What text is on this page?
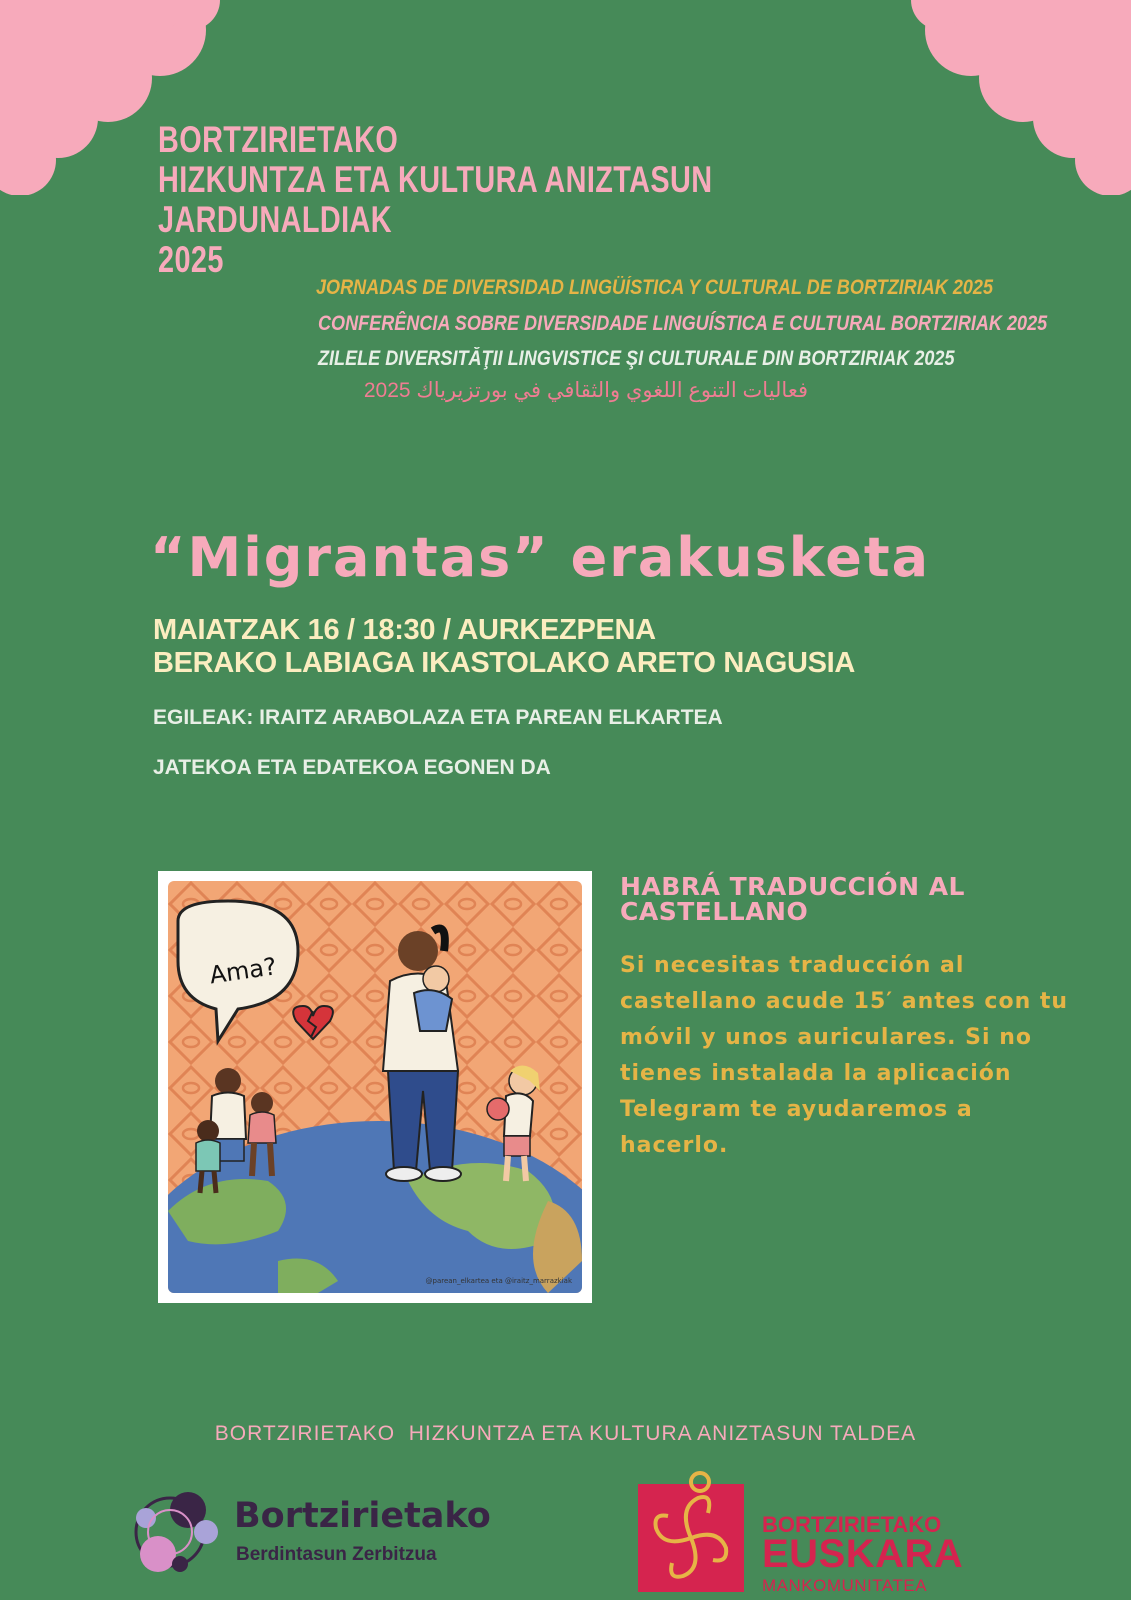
BORTZIRIETAKO
HIZKUNTZA ETA KULTURA ANIZTASUN
JARDUNALDIAK
2025
JORNADAS DE DIVERSIDAD LINGÜÍSTICA Y CULTURAL DE BORTZIRIAK 2025
CONFERÊNCIA SOBRE DIVERSIDADE LINGUÍSTICA E CULTURAL BORTZIRIAK 2025
ZILELE DIVERSITĂŢII LINGVISTICE ŞI CULTURALE DIN BORTZIRIAK 2025
فعاليات التنوع اللغوي والثقافي في بورتزيرياك 2025
“Migrantas” erakusketa
MAIATZAK 16 / 18:30 / AURKEZPENA
BERAKO LABIAGA IKASTOLAKO ARETO NAGUSIA
EGILEAK: IRAITZ ARABOLAZA ETA PAREAN ELKARTEA
JATEKOA ETA EDATEKOA EGONEN DA
Ama?
@parean_elkartea eta @iraitz_marrazkiak
HABRÁ TRADUCCIÓN AL
CASTELLANO
Si necesitas traducción al
castellano acude 15′ antes con tu
móvil y unos auriculares. Si no
tienes instalada la aplicación
Telegram te ayudaremos a
hacerlo.
BORTZIRIETAKO  HIZKUNTZA ETA KULTURA ANIZTASUN TALDEA
Bortzirietako
Berdintasun Zerbitzua
BORTZIRIETAKO
EUSKARA
MANKOMUNITATEA
